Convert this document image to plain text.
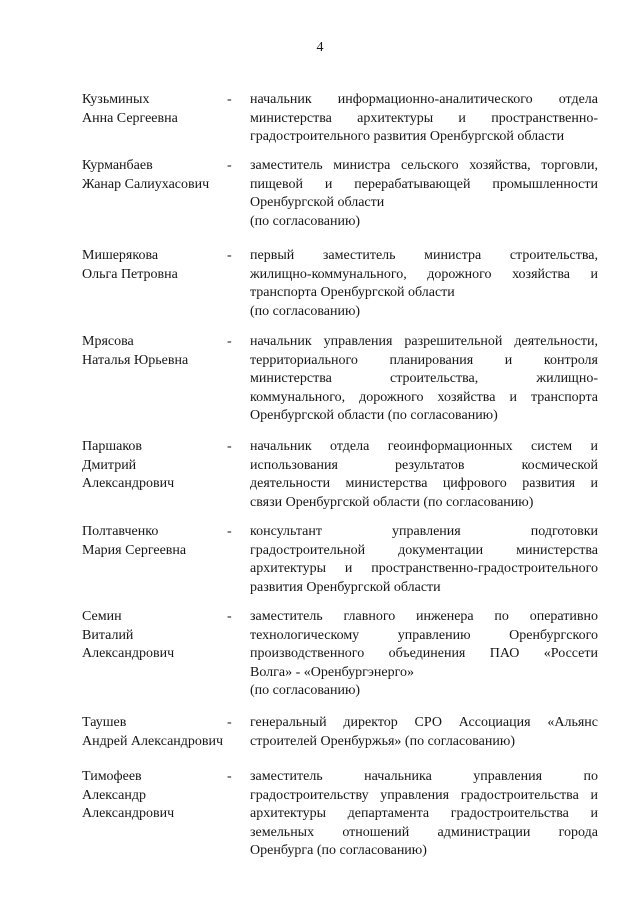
4
Кузьминых
Анна Сергеевна
- начальник информационно-аналитического отдела
министерства архитектуры и пространственно-
градостроительного развития Оренбургской области
Курманбаев
Жанар Салиухасович
- заместитель министра сельского хозяйства, торговли,
пищевой и перерабатывающей промышленности
Оренбургской области
(по согласованию)
Мишерякова
Ольга Петровна
- первый заместитель министра строительства,
жилищно-коммунального, дорожного хозяйства и
транспорта Оренбургской области
(по согласованию)
Мрясова
Наталья Юрьевна
- начальник управления разрешительной деятельности,
территориального планирования и контроля
министерства строительства, жилищно-
коммунального, дорожного хозяйства и транспорта
Оренбургской области (по согласованию)
Паршаков
Дмитрий
Александрович
- начальник отдела геоинформационных систем и
использования результатов космической
деятельности министерства цифрового развития и
связи Оренбургской области (по согласованию)
Полтавченко
Мария Сергеевна
- консультант управления подготовки
градостроительной документации министерства
архитектуры и пространственно-градостроительного
развития Оренбургской области
Семин
Виталий
Александрович
- заместитель главного инженера по оперативно
технологическому управлению Оренбургского
производственного объединения ПАО «Россети
Волга» - «Оренбургэнерго»
(по согласованию)
Таушев
Андрей Александрович
- генеральный директор СРО Ассоциация «Альянс
строителей Оренбуржья» (по согласованию)
Тимофеев
Александр
Александрович
- заместитель начальника управления по
градостроительству управления градостроительства и
архитектуры департамента градостроительства и
земельных отношений администрации города
Оренбурга (по согласованию)
